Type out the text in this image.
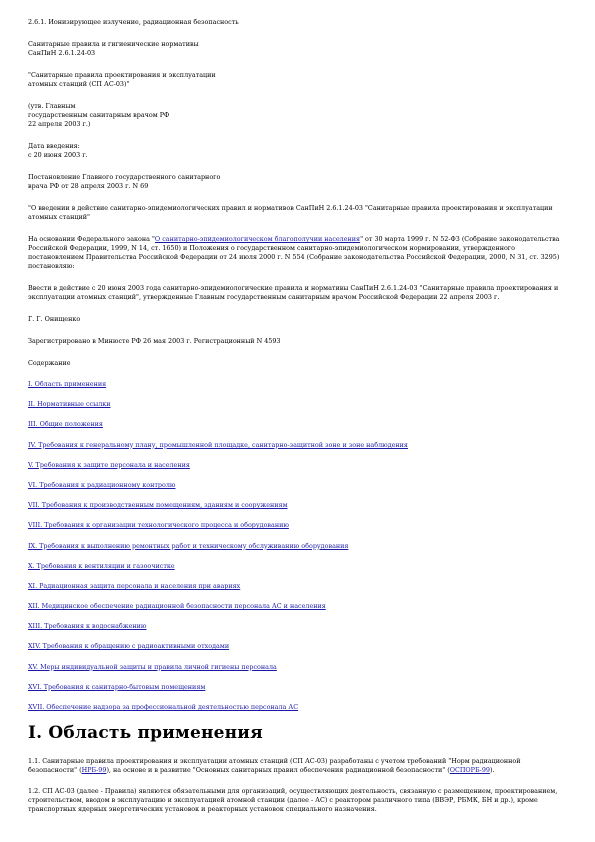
2.6.1. Ионизирующее излучение, радиационная безопасность

Санитарные правила и гигиенические нормативы
СанПиН 2.6.1.24-03

"Санитарные правила проектирования и эксплуатации
атомных станций (СП АС-03)"

(утв. Главным
государственным санитарным врачом РФ
22 апреля 2003 г.)

Дата введения:
с 20 июня 2003 г.

Постановление Главного государственного санитарного
врача РФ от 28 апреля 2003 г. N 69

"О введении в действие санитарно-эпидемиологических правил и нормативов СанПиН 2.6.1.24-03 "Санитарные правила проектирования и эксплуатации атомных станций"

На основании Федерального закона "О санитарно-эпидемиологическом благополучии населения" от 30 марта 1999 г. N 52-ФЗ (Собрание законодательства Российской Федерации, 1999, N 14, ст. 1650) и Положения о государственном санитарно-эпидемиологическом нормировании, утвержденного постановлением Правительства Российской Федерации от 24 июля 2000 г. N 554 (Собрание законодательства Российской Федерации, 2000, N 31, ст. 3295) постановляю:

Ввести в действие с 20 июня 2003 года санитарно-эпидемиологические правила и нормативы СанПиН 2.6.1.24-03 "Санитарные правила проектирования и эксплуатации атомных станций", утвержденные Главным государственным санитарным врачом Российской Федерации 22 апреля 2003 г.

Г. Г. Онищенко

Зарегистрировано в Минюсте РФ 26 мая 2003 г. Регистрационный N 4593

Содержание

I. Область применения
II. Нормативные ссылки
III. Общие положения
IV. Требования к генеральному плану, промышленной площадке, санитарно-защитной зоне и зоне наблюдения
V. Требования к защите персонала и населения
VI. Требования к радиационному контролю
VII. Требования к производственным помещениям, зданиям и сооружениям
VIII. Требования к организации технологического процесса и оборудованию
IX. Требования к выполнению ремонтных работ и техническому обслуживанию оборудования
X. Требования к вентиляции и газоочистке
XI. Радиационная защита персонала и населения при авариях
XII. Медицинское обеспечение радиационной безопасности персонала АС и населения
XIII. Требования к водоснабжению
XIV. Требования к обращению с радиоактивными отходами
XV. Меры индивидуальной защиты и правила личной гигиены персонала
XVI. Требования к санитарно-бытовым помещениям
XVII. Обеспечение надзора за профессиональной деятельностью персонала АС
I. Область применения

1.1. Санитарные правила проектирования и эксплуатации атомных станций (СП АС-03) разработаны с учетом требований "Норм радиационной безопасности" (НРБ-99), на основе и в развитие "Основных санитарных правил обеспечения радиационной безопасности" (ОСПОРБ-99).

1.2. СП АС-03 (далее - Правила) являются обязательными для организаций, осуществляющих деятельность, связанную с размещением, проектированием, строительством, вводом в эксплуатацию и эксплуатацией атомной станции (далее - АС) с реактором различного типа (ВВЭР, РБМК, БН и др.), кроме транспортных ядерных энергетических установок и реакторных установок специального назначения.
